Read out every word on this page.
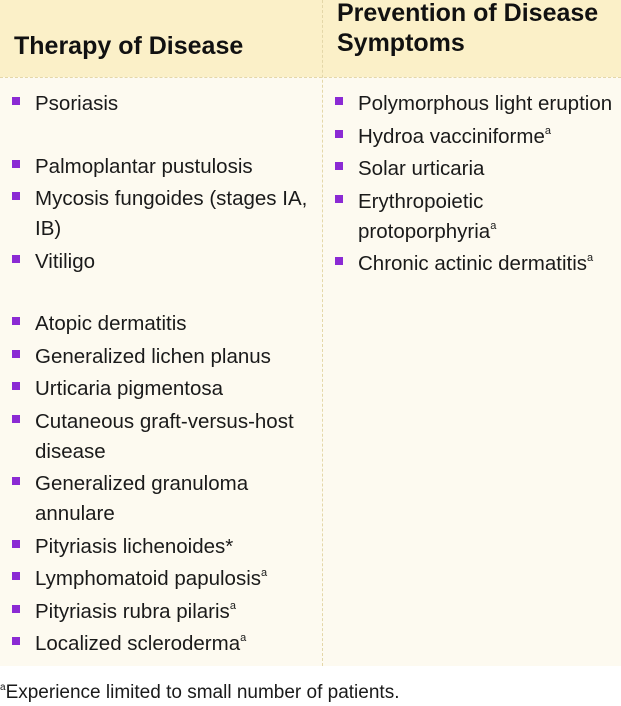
Therapy of Disease
Prevention of Disease
Symptoms
Psoriasis
Palmoplantar pustulosis
Mycosis fungoides (stages IA, IB)
Vitiligo
Atopic dermatitis
Generalized lichen planus
Urticaria pigmentosa
Cutaneous graft-versus-host disease
Generalized granuloma annulare
Pityriasis lichenoides*
Lymphomatoid papulosis$^a$
Pityriasis rubra pilaris$^a$
Localized scleroderma$^a$
Polymorphous light eruption
Hydroa vacciniforme$^a$
Solar urticaria
Erythropoietic protoporphyria$^a$
Chronic actinic dermatitis$^a$
$^a$Experience limited to small number of patients.
